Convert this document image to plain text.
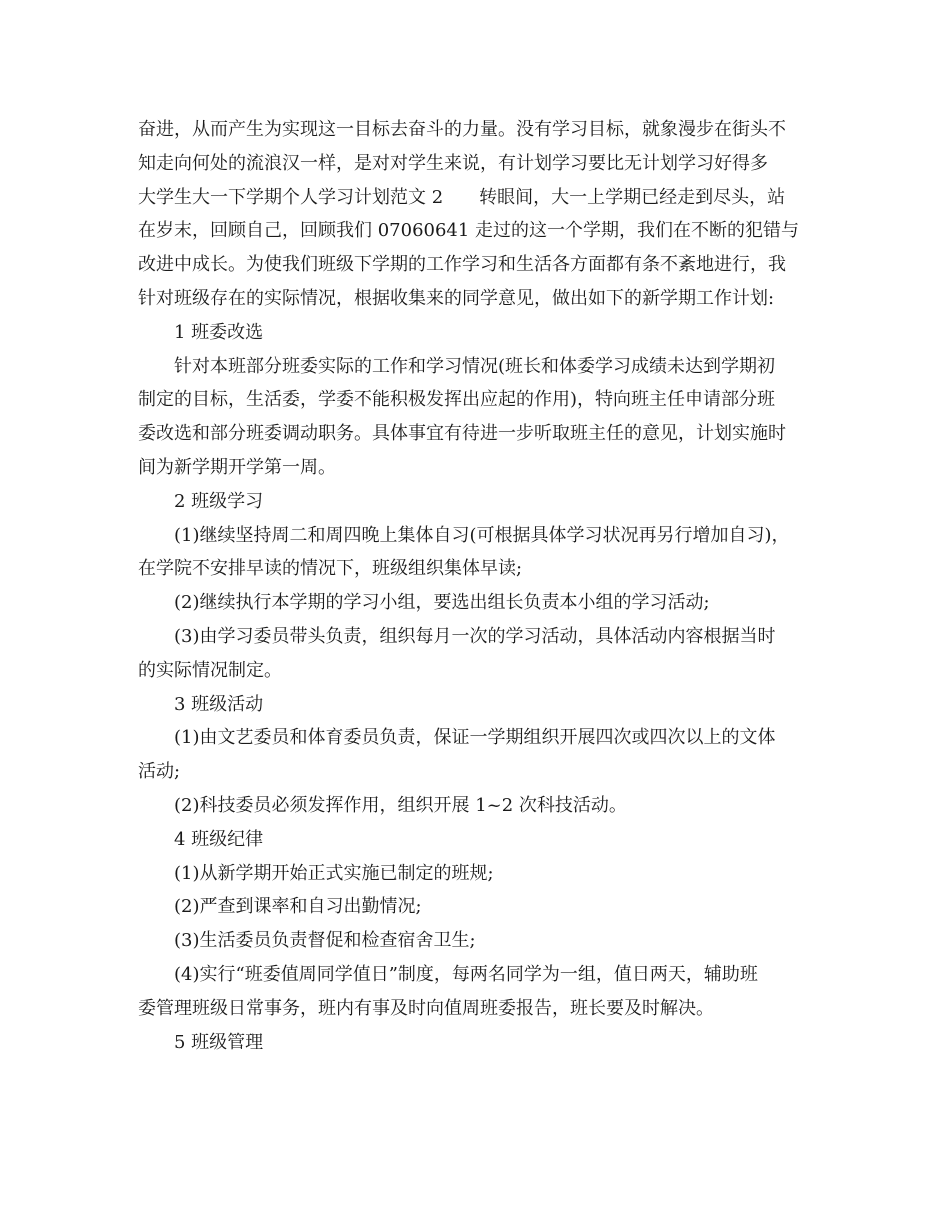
奋进，从而产生为实现这一目标去奋斗的力量。没有学习目标，就象漫步在街头不
知走向何处的流浪汉一样，是对对学生来说，有计划学习要比无计划学习好得多
大学生大一下学期个人学习计划范文 2　　转眼间，大一上学期已经走到尽头，站
在岁末，回顾自己，回顾我们 07060641 走过的这一个学期，我们在不断的犯错与
改进中成长。为使我们班级下学期的工作学习和生活各方面都有条不紊地进行，我
针对班级存在的实际情况，根据收集来的同学意见，做出如下的新学期工作计划:
1 班委改选
针对本班部分班委实际的工作和学习情况(班长和体委学习成绩未达到学期初
制定的目标，生活委，学委不能积极发挥出应起的作用)，特向班主任申请部分班
委改选和部分班委调动职务。具体事宜有待进一步听取班主任的意见，计划实施时
间为新学期开学第一周。
2 班级学习
(1)继续坚持周二和周四晚上集体自习(可根据具体学习状况再另行增加自习)，
在学院不安排早读的情况下，班级组织集体早读;
(2)继续执行本学期的学习小组，要选出组长负责本小组的学习活动;
(3)由学习委员带头负责，组织每月一次的学习活动，具体活动内容根据当时
的实际情况制定。
3 班级活动
(1)由文艺委员和体育委员负责，保证一学期组织开展四次或四次以上的文体
活动;
(2)科技委员必须发挥作用，组织开展 1~2 次科技活动。
4 班级纪律
(1)从新学期开始正式实施已制定的班规;
(2)严查到课率和自习出勤情况;
(3)生活委员负责督促和检查宿舍卫生;
(4)实行“班委值周同学值日”制度，每两名同学为一组，值日两天，辅助班
委管理班级日常事务，班内有事及时向值周班委报告，班长要及时解决。
5 班级管理
